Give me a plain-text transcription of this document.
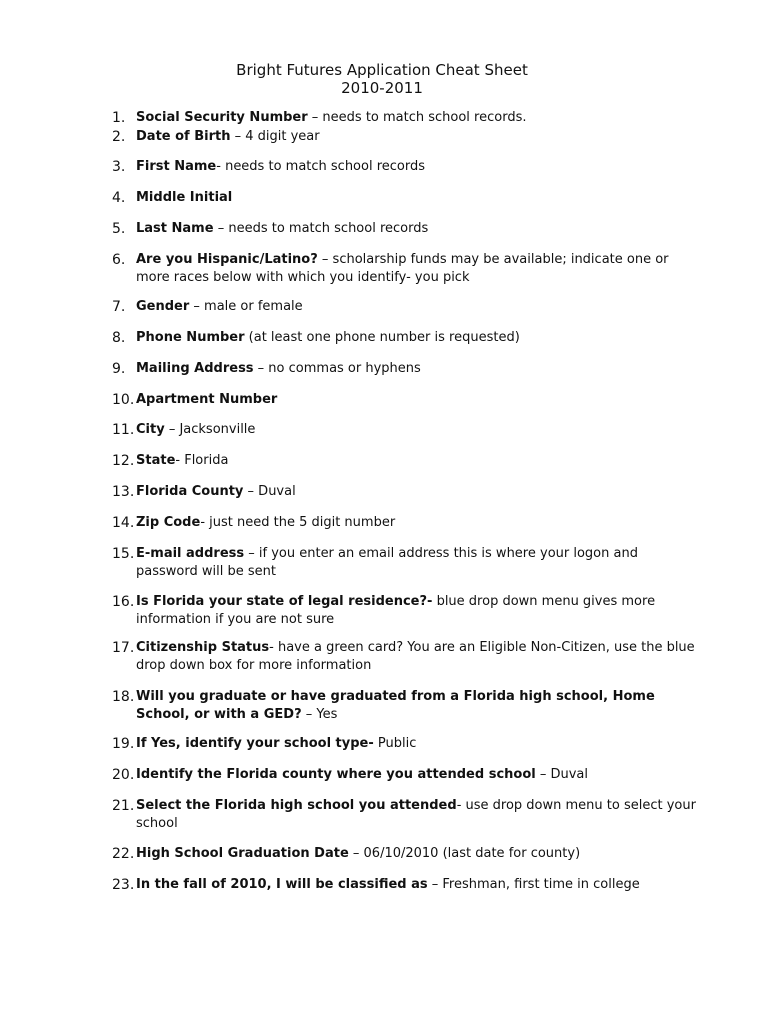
Bright Futures Application Cheat Sheet
2010-2011
1. Social Security Number – needs to match school records.
2. Date of Birth – 4 digit year
3. First Name- needs to match school records
4. Middle Initial
5. Last Name – needs to match school records
6. Are you Hispanic/Latino? – scholarship funds may be available; indicate one or more races below with which you identify- you pick
7. Gender – male or female
8. Phone Number (at least one phone number is requested)
9. Mailing Address – no commas or hyphens
10. Apartment Number
11. City – Jacksonville
12. State- Florida
13. Florida County – Duval
14. Zip Code- just need the 5 digit number
15. E-mail address – if you enter an email address this is where your logon and password will be sent
16. Is Florida your state of legal residence?- blue drop down menu gives more information if you are not sure
17. Citizenship Status- have a green card? You are an Eligible Non-Citizen, use the blue drop down box for more information
18. Will you graduate or have graduated from a Florida high school, Home School, or with a GED? – Yes
19. If Yes, identify your school type- Public
20. Identify the Florida county where you attended school – Duval
21. Select the Florida high school you attended- use drop down menu to select your school
22. High School Graduation Date – 06/10/2010 (last date for county)
23. In the fall of 2010, I will be classified as – Freshman, first time in college
